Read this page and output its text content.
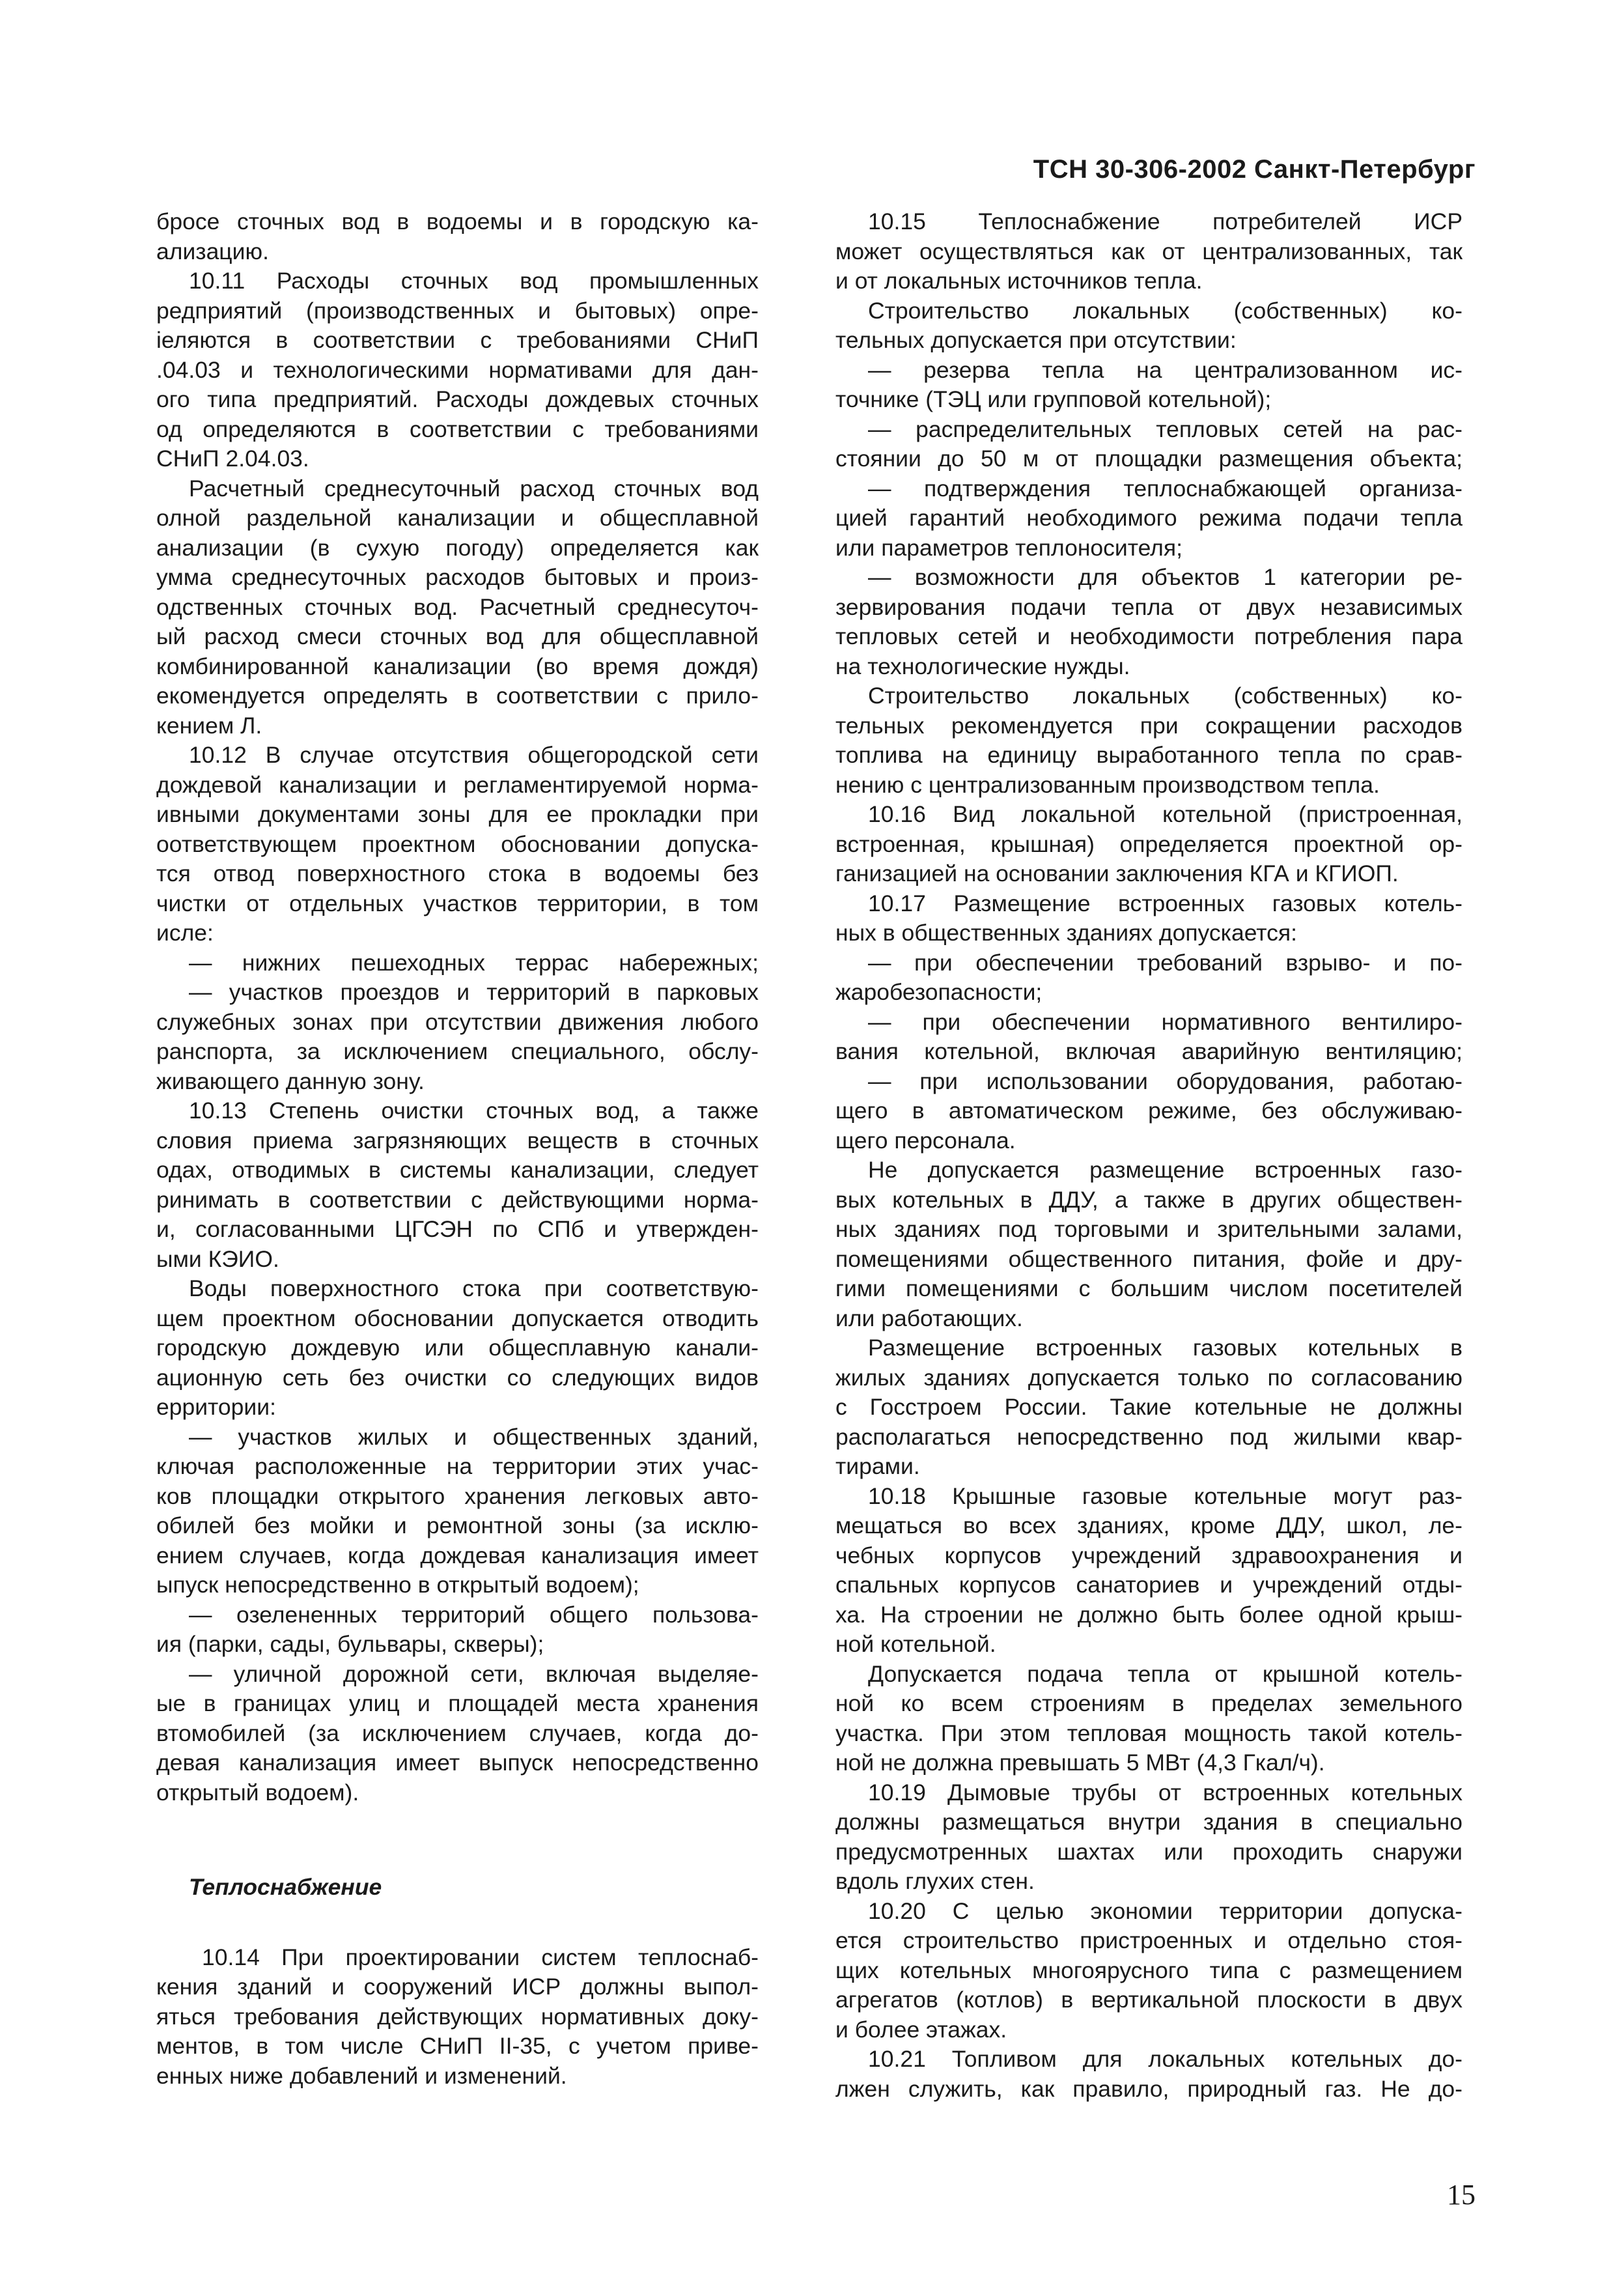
ТСН 30-306-2002 Санкт-Петербург
бросе сточных вод в водоемы и в городскую ка-
ализацию.
10.11 Расходы сточных вод промышленных
редприятий (производственных и бытовых) опре-
іеляются в соответствии с требованиями СНиП
.04.03 и технологическими нормативами для дан-
ого типа предприятий. Расходы дождевых сточных
од определяются в соответствии с требованиями
СНиП 2.04.03.
Расчетный среднесуточный расход сточных вод
олной раздельной канализации и общесплавной
анализации (в сухую погоду) определяется как
умма среднесуточных расходов бытовых и произ-
одственных сточных вод. Расчетный среднесуточ-
ый расход смеси сточных вод для общесплавной
комбинированной канализации (во время дождя)
екомендуется определять в соответствии с прило-
кением Л.
10.12 В случае отсутствия общегородской сети
дождевой канализации и регламентируемой норма-
ивными документами зоны для ее прокладки при
оответствующем проектном обосновании допуска-
тся отвод поверхностного стока в водоемы без
чистки от отдельных участков территории, в том
исле:
— нижних пешеходных террас набережных;
— участков проездов и территорий в парковых
служебных зонах при отсутствии движения любого
ранспорта, за исключением специального, обслу-
живающего данную зону.
10.13 Степень очистки сточных вод, а также
словия приема загрязняющих веществ в сточных
одах, отводимых в системы канализации, следует
ринимать в соответствии с действующими норма-
и, согласованными ЦГСЭН по СПб и утвержден-
ыми КЭИО.
Воды поверхностного стока при соответствую-
щем проектном обосновании допускается отводить
городскую дождевую или общесплавную канали-
ационную сеть без очистки со следующих видов
ерритории:
— участков жилых и общественных зданий,
ключая расположенные на территории этих учас-
ков площадки открытого хранения легковых авто-
обилей без мойки и ремонтной зоны (за исклю-
ением случаев, когда дождевая канализация имеет
ыпуск непосредственно в открытый водоем);
— озелененных территорий общего пользова-
ия (парки, сады, бульвары, скверы);
— уличной дорожной сети, включая выделяе-
ые в границах улиц и площадей места хранения
втомобилей (за исключением случаев, когда до-
девая канализация имеет выпуск непосредственно
открытый водоем).
Теплоснабжение
10.14 При проектировании систем теплоснаб-
кения зданий и сооружений ИСР должны выпол-
яться требования действующих нормативных доку-
ментов, в том числе СНиП II-35, с учетом приве-
енных ниже добавлений и изменений.
10.15 Теплоснабжение потребителей ИСР
может осуществляться как от централизованных, так
и от локальных источников тепла.
Строительство локальных (собственных) ко-
тельных допускается при отсутствии:
— резерва тепла на централизованном ис-
точнике (ТЭЦ или групповой котельной);
— распределительных тепловых сетей на рас-
стоянии до 50 м от площадки размещения объекта;
— подтверждения теплоснабжающей организа-
цией гарантий необходимого режима подачи тепла
или параметров теплоносителя;
— возможности для объектов 1 категории ре-
зервирования подачи тепла от двух независимых
тепловых сетей и необходимости потребления пара
на технологические нужды.
Строительство локальных (собственных) ко-
тельных рекомендуется при сокращении расходов
топлива на единицу выработанного тепла по срав-
нению с централизованным производством тепла.
10.16 Вид локальной котельной (пристроенная,
встроенная, крышная) определяется проектной ор-
ганизацией на основании заключения КГА и КГИОП.
10.17 Размещение встроенных газовых котель-
ных в общественных зданиях допускается:
— при обеспечении требований взрыво- и по-
жаробезопасности;
— при обеспечении нормативного вентилиро-
вания котельной, включая аварийную вентиляцию;
— при использовании оборудования, работаю-
щего в автоматическом режиме, без обслуживаю-
щего персонала.
Не допускается размещение встроенных газо-
вых котельных в ДДУ, а также в других обществен-
ных зданиях под торговыми и зрительными залами,
помещениями общественного питания, фойе и дру-
гими помещениями с большим числом посетителей
или работающих.
Размещение встроенных газовых котельных в
жилых зданиях допускается только по согласованию
с Госстроем России. Такие котельные не должны
располагаться непосредственно под жилыми квар-
тирами.
10.18 Крышные газовые котельные могут раз-
мещаться во всех зданиях, кроме ДДУ, школ, ле-
чебных корпусов учреждений здравоохранения и
спальных корпусов санаториев и учреждений отды-
ха. На строении не должно быть более одной крыш-
ной котельной.
Допускается подача тепла от крышной котель-
ной ко всем строениям в пределах земельного
участка. При этом тепловая мощность такой котель-
ной не должна превышать 5 МВт (4,3 Гкал/ч).
10.19 Дымовые трубы от встроенных котельных
должны размещаться внутри здания в специально
предусмотренных шахтах или проходить снаружи
вдоль глухих стен.
10.20 С целью экономии территории допуска-
ется строительство пристроенных и отдельно стоя-
щих котельных многоярусного типа с размещением
агрегатов (котлов) в вертикальной плоскости в двух
и более этажах.
10.21 Топливом для локальных котельных до-
лжен служить, как правило, природный газ. Не до-
15
